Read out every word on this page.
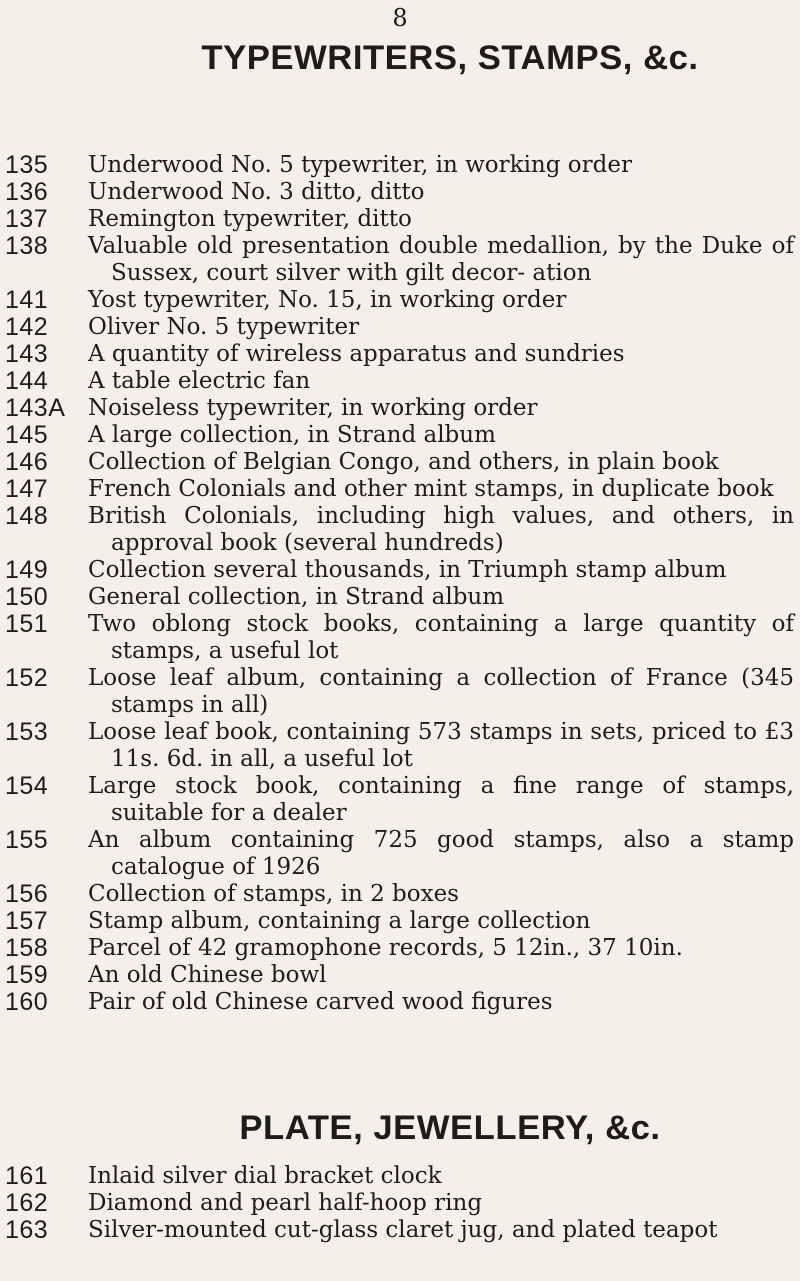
8
TYPEWRITERS, STAMPS, &c.
135 Underwood No. 5 typewriter, in working order
136 Underwood No. 3 ditto, ditto
137 Remington typewriter, ditto
138 Valuable old presentation double medallion, by the Duke of Sussex, court silver with gilt decor- ation
141 Yost typewriter, No. 15, in working order
142 Oliver No. 5 typewriter
143 A quantity of wireless apparatus and sundries
144 A table electric fan
143A Noiseless typewriter, in working order
145 A large collection, in Strand album
146 Collection of Belgian Congo, and others, in plain book
147 French Colonials and other mint stamps, in duplicate book
148 British Colonials, including high values, and others, in approval book (several hundreds)
149 Collection several thousands, in Triumph stamp album
150 General collection, in Strand album
151 Two oblong stock books, containing a large quantity of stamps, a useful lot
152 Loose leaf album, containing a collection of France (345 stamps in all)
153 Loose leaf book, containing 573 stamps in sets, priced to £3 11s. 6d. in all, a useful lot
154 Large stock book, containing a fine range of stamps, suitable for a dealer
155 An album containing 725 good stamps, also a stamp catalogue of 1926
156 Collection of stamps, in 2 boxes
157 Stamp album, containing a large collection
158 Parcel of 42 gramophone records, 5 12in., 37 10in.
159 An old Chinese bowl
160 Pair of old Chinese carved wood figures
PLATE, JEWELLERY, &c.
161 Inlaid silver dial bracket clock
162 Diamond and pearl half-hoop ring
163 Silver-mounted cut-glass claret jug, and plated teapot
